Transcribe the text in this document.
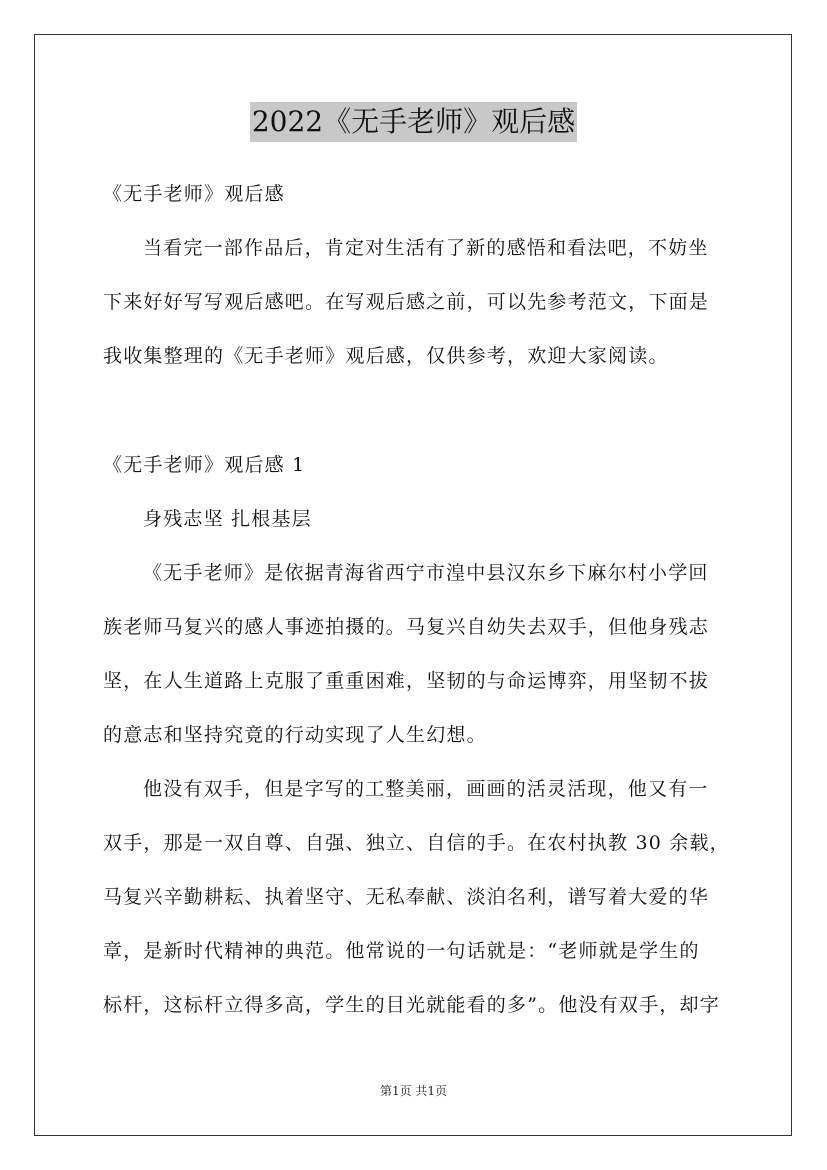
2022《无手老师》观后感
《无手老师》观后感
当看完一部作品后，肯定对生活有了新的感悟和看法吧，不妨坐
下来好好写写观后感吧。在写观后感之前，可以先参考范文，下面是
我收集整理的《无手老师》观后感，仅供参考，欢迎大家阅读。
《无手老师》观后感 1
身残志坚 扎根基层
《无手老师》是依据青海省西宁市湟中县汉东乡下麻尔村小学回
族老师马复兴的感人事迹拍摄的。马复兴自幼失去双手，但他身残志
坚，在人生道路上克服了重重困难，坚韧的与命运博弈，用坚韧不拔
的意志和坚持究竟的行动实现了人生幻想。
他没有双手，但是字写的工整美丽，画画的活灵活现，他又有一
双手，那是一双自尊、自强、独立、自信的手。在农村执教 30 余载，
马复兴辛勤耕耘、执着坚守、无私奉献、淡泊名利，谱写着大爱的华
章，是新时代精神的典范。他常说的一句话就是：“老师就是学生的
标杆，这标杆立得多高，学生的目光就能看的多”。他没有双手，却字
第1页 共1页
